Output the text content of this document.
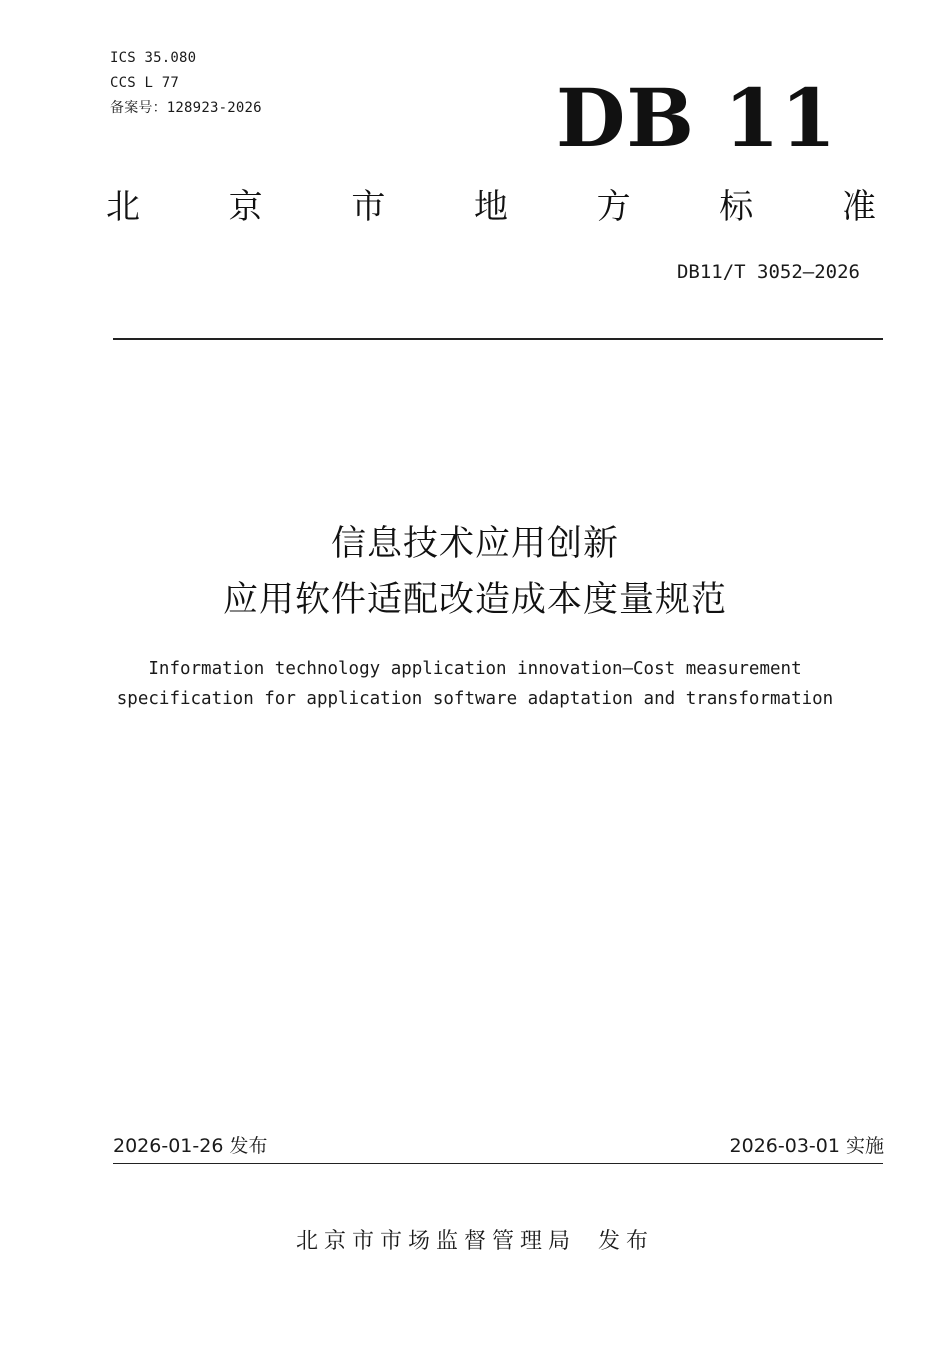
ICS 35.080
CCS L 77
备案号：128923-2026	DB 11
北	京	市	地	方	标	准
DB11/T 3052—2026
信息技术应用创新
应用软件适配改造成本度量规范
Information technology application innovation—Cost measurement
specification for application software adaptation and transformation
2026-01-26 发布	2026-03-01 实施
北京市市场监督管理局 发布
